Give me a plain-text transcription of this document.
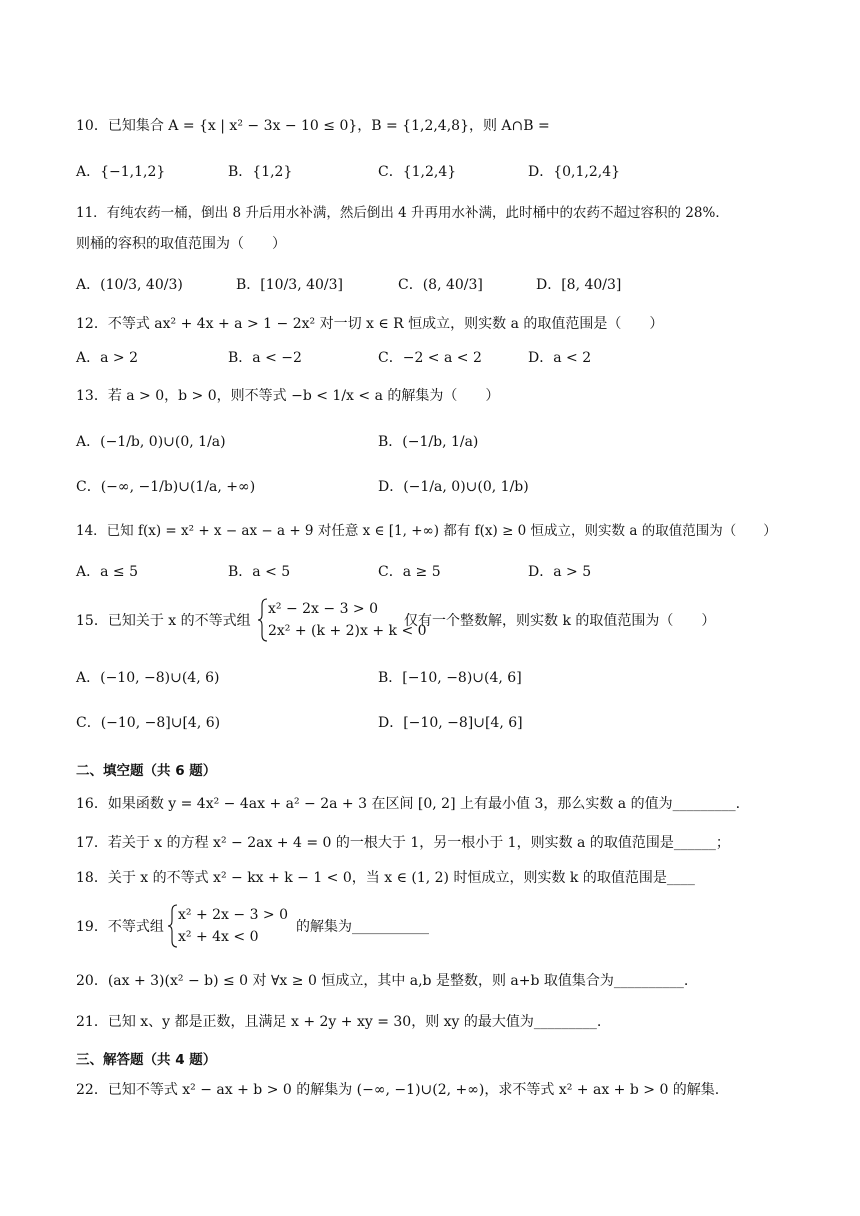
10．已知集合 A = {x | x² − 3x − 10 ≤ 0}，B = {1,2,4,8}，则 A∩B =
A．{−1,1,2}	B．{1,2}	C．{1,2,4}	D．{0,1,2,4}
11．有纯农药一桶，倒出 8 升后用水补满，然后倒出 4 升再用水补满，此时桶中的农药不超过容积的 28%．
则桶的容积的取值范围为（　　）
A．(10/3, 40/3)	B．[10/3, 40/3]	C．(8, 40/3]	D．[8, 40/3]
12．不等式 ax² + 4x + a > 1 − 2x² 对一切 x ∈ R 恒成立，则实数 a 的取值范围是（　　）
A．a > 2	B．a < −2	C．−2 < a < 2	D．a < 2
13．若 a > 0，b > 0，则不等式 −b < 1/x < a 的解集为（　　）
A．(−1/b, 0)∪(0, 1/a)	B．(−1/b, 1/a)
C．(−∞, −1/b)∪(1/a, +∞)	D．(−1/a, 0)∪(0, 1/b)
14．已知 f(x) = x² + x − ax − a + 9 对任意 x ∈ [1, +∞) 都有 f(x) ≥ 0 恒成立，则实数 a 的取值范围为（　　）
A．a ≤ 5	B．a < 5	C．a ≥ 5	D．a > 5
15．已知关于 x 的不等式组
x² − 2x − 3 > 0
2x² + (k + 2)x + k < 0
仅有一个整数解，则实数 k 的取值范围为（　　）
A．(−10, −8)∪(4, 6)	B．[−10, −8)∪(4, 6]
C．(−10, −8]∪[4, 6)	D．[−10, −8]∪[4, 6]
二、填空题（共 6 题）
16．如果函数 y = 4x² − 4ax + a² − 2a + 3 在区间 [0, 2] 上有最小值 3，那么实数 a 的值为_________.
17．若关于 x 的方程 x² − 2ax + 4 = 0 的一根大于 1，另一根小于 1，则实数 a 的取值范围是______；
18．关于 x 的不等式 x² − kx + k − 1 < 0，当 x ∈ (1, 2) 时恒成立，则实数 k 的取值范围是____
19．不等式组
x² + 2x − 3 > 0
x² + 4x < 0
的解集为___________
20．(ax + 3)(x² − b) ≤ 0 对 ∀x ≥ 0 恒成立，其中 a,b 是整数，则 a+b 取值集合为__________.
21．已知 x、y 都是正数，且满足 x + 2y + xy = 30，则 xy 的最大值为_________.
三、解答题（共 4 题）
22．已知不等式 x² − ax + b > 0 的解集为 (−∞, −1)∪(2, +∞)，求不等式 x² + ax + b > 0 的解集.
